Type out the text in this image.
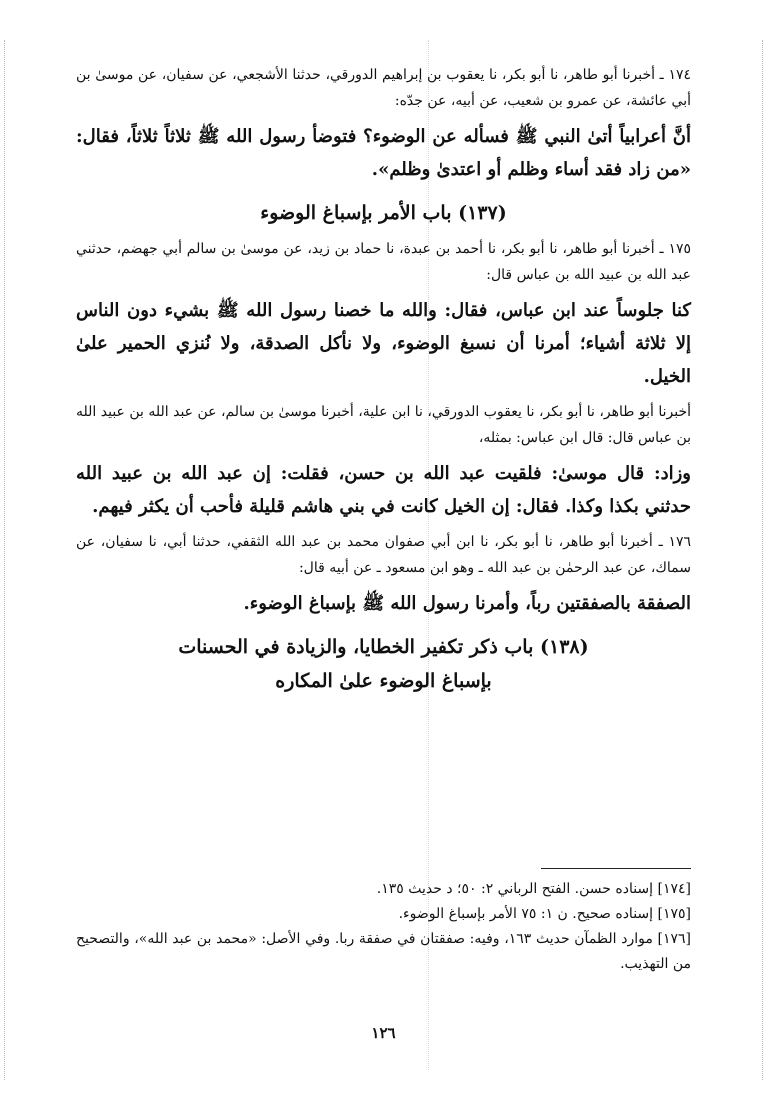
١٧٤ ـ أخبرنا أبو طاهر، نا أبو بكر، نا يعقوب بن إبراهيم الدورقي، حدثنا الأشجعي، عن سفيان، عن موسىٰ بن أبي عائشة، عن عمرو بن شعيب، عن أبيه، عن جدّه:

أنَّ أعرابياً أتىٰ النبي ﷺ فسأله عن الوضوء؟ فتوضأ رسول الله ﷺ ثلاثاً ثلاثاً، فقال: «من زاد فقد أساء وظلم أو اعتدىٰ وظلم».

(١٣٧) باب الأمر بإسباغ الوضوء

١٧٥ ـ أخبرنا أبو طاهر، نا أبو بكر، نا أحمد بن عبدة، نا حماد بن زيد، عن موسىٰ بن سالم أبي جهضم، حدثني عبد الله بن عبيد الله بن عباس قال:

كنا جلوساً عند ابن عباس، فقال: والله ما خصنا رسول الله ﷺ بشيء دون الناس إلا ثلاثة أشياء؛ أمرنا أن نسبغ الوضوء، ولا نأكل الصدقة، ولا نُنزي الحمير علىٰ الخيل.

أخبرنا أبو طاهر، نا أبو بكر، نا يعقوب الدورقي، نا ابن علية، أخبرنا موسىٰ بن سالم، عن عبد الله بن عبيد الله بن عباس قال: قال ابن عباس: بمثله،

وزاد: قال موسىٰ: فلقيت عبد الله بن حسن، فقلت: إن عبد الله بن عبيد الله حدثني بكذا وكذا. فقال: إن الخيل كانت في بني هاشم قليلة فأحب أن يكثر فيهم.

١٧٦ ـ أخبرنا أبو طاهر، نا أبو بكر، نا ابن أبي صفوان محمد بن عبد الله الثقفي، حدثنا أبي، نا سفيان، عن سماك، عن عبد الرحمٰن بن عبد الله ـ وهو ابن مسعود ـ عن أبيه قال:

الصفقة بالصفقتين رباً، وأمرنا رسول الله ﷺ بإسباغ الوضوء.

(١٣٨) باب ذكر تكفير الخطايا، والزيادة في الحسنات
بإسباغ الوضوء علىٰ المكاره

[١٧٤] إسناده حسن. الفتح الرباني ٢: ٥٠؛ د حديث ١٣٥.

[١٧٥] إسناده صحيح. ن ١: ٧٥ الأمر بإسباغ الوضوء.

[١٧٦] موارد الظمآن حديث ١٦٣، وفيه: صفقتان في صفقة ربا. وفي الأصل: «محمد بن عبد الله»، والتصحيح من التهذيب.

١٢٦
